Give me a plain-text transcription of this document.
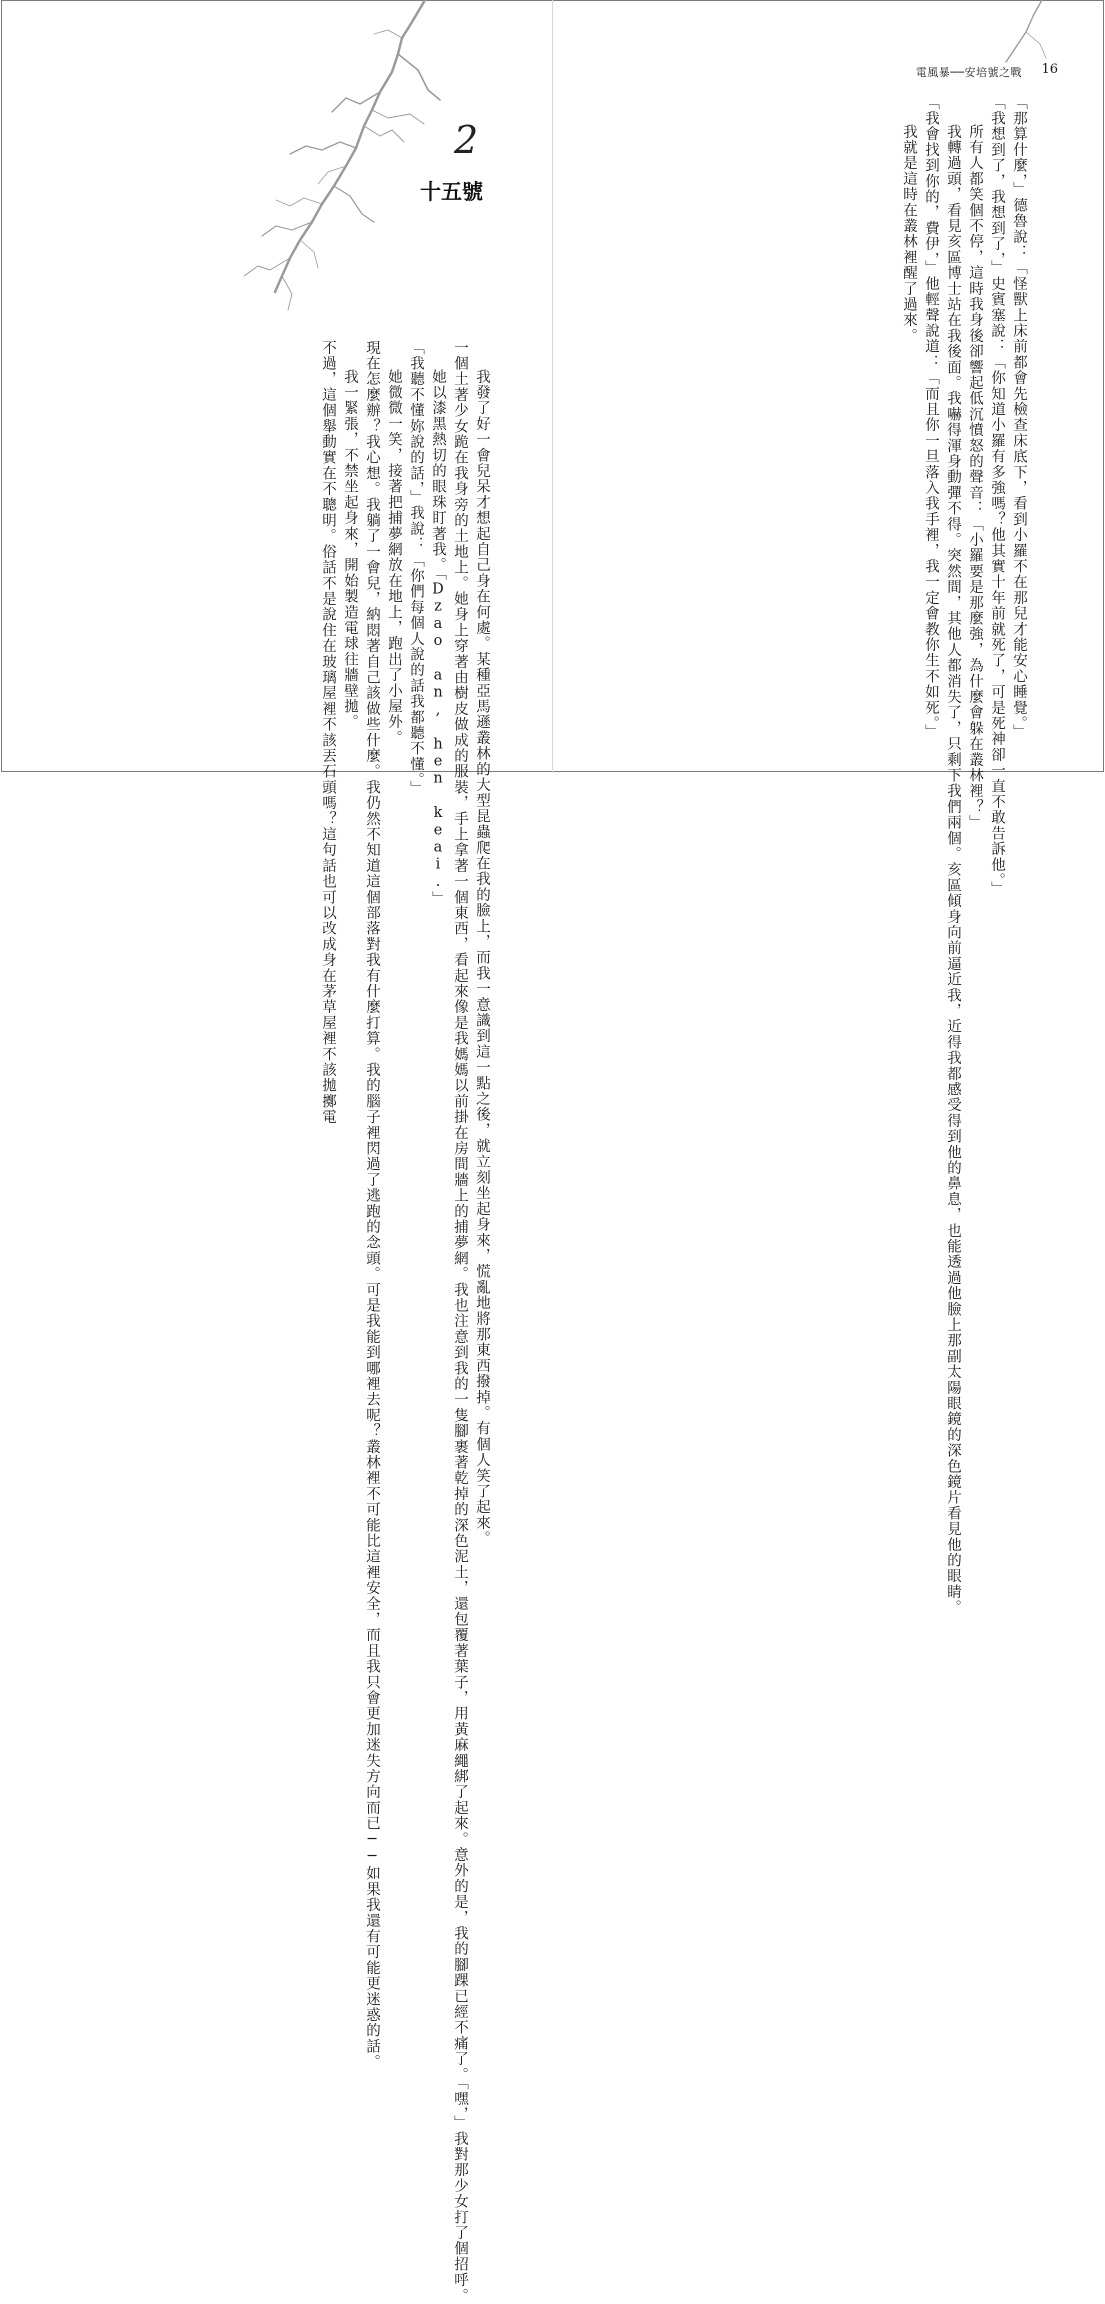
電風暴──安培號之戰 16

「那算什麼，」德魯說：「怪獸上床前都會先檢查床底下，看到小羅不在那兒才能安心睡覺。」

「我想到了，我想到了，」史賓塞說：「你知道小羅有多強嗎？他其實十年前就死了，可是死神卻一直不敢告訴他。」

所有人都笑個不停，這時我身後卻響起低沉憤怒的聲音：「小羅要是那麼強，為什麼會躲在叢林裡？」

我轉過頭，看見亥區博士站在我後面。我嚇得渾身動彈不得。突然間，其他人都消失了，只剩下我們兩個。亥區傾身向前逼近我，近得我都感受得到他的鼻息，也能透過他臉上那副太陽眼鏡的深色鏡片看見他的眼睛。

「我會找到你的，費伊，」他輕聲說道：「而且你一旦落入我手裡，我一定會教你生不如死。」

我就是這時在叢林裡醒了過來。

2
十五號

我發了好一會兒呆才想起自己身在何處。某種亞馬遜叢林的大型昆蟲爬在我的臉上，而我一意識到這一點之後，就立刻坐起身來，慌亂地將那東西撥掉。有個人笑了起來。

一個土著少女跪在我身旁的土地上。她身上穿著由樹皮做成的服裝，手上拿著一個東西，看起來像是我媽媽以前掛在房間牆上的捕夢網。我也注意到我的一隻腳裹著乾掉的深色泥土，還包覆著葉子，用黃麻繩綁了起來。意外的是，我的腳踝已經不痛了。「嘿，」我對那少女打了個招呼。

她以漆黑熱切的眼珠盯著我。「Dzao an, hen keai.」

「我聽不懂妳說的話，」我說：「你們每個人說的話我都聽不懂。」

她微微一笑，接著把捕夢網放在地上，跑出了小屋外。

現在怎麼辦？我心想。我躺了一會兒，納悶著自己該做些什麼。我仍然不知道這個部落對我有什麼打算。我的腦子裡閃過了逃跑的念頭。可是我能到哪裡去呢？叢林裡不可能比這裡安全，而且我只會更加迷失方向而已──如果我還有可能更迷惑的話。

我一緊張，不禁坐起身來，開始製造電球往牆壁拋。

不過，這個舉動實在不聰明。俗話不是說住在玻璃屋裡不該丟石頭嗎？這句話也可以改成身在茅草屋裡不該拋擲電
